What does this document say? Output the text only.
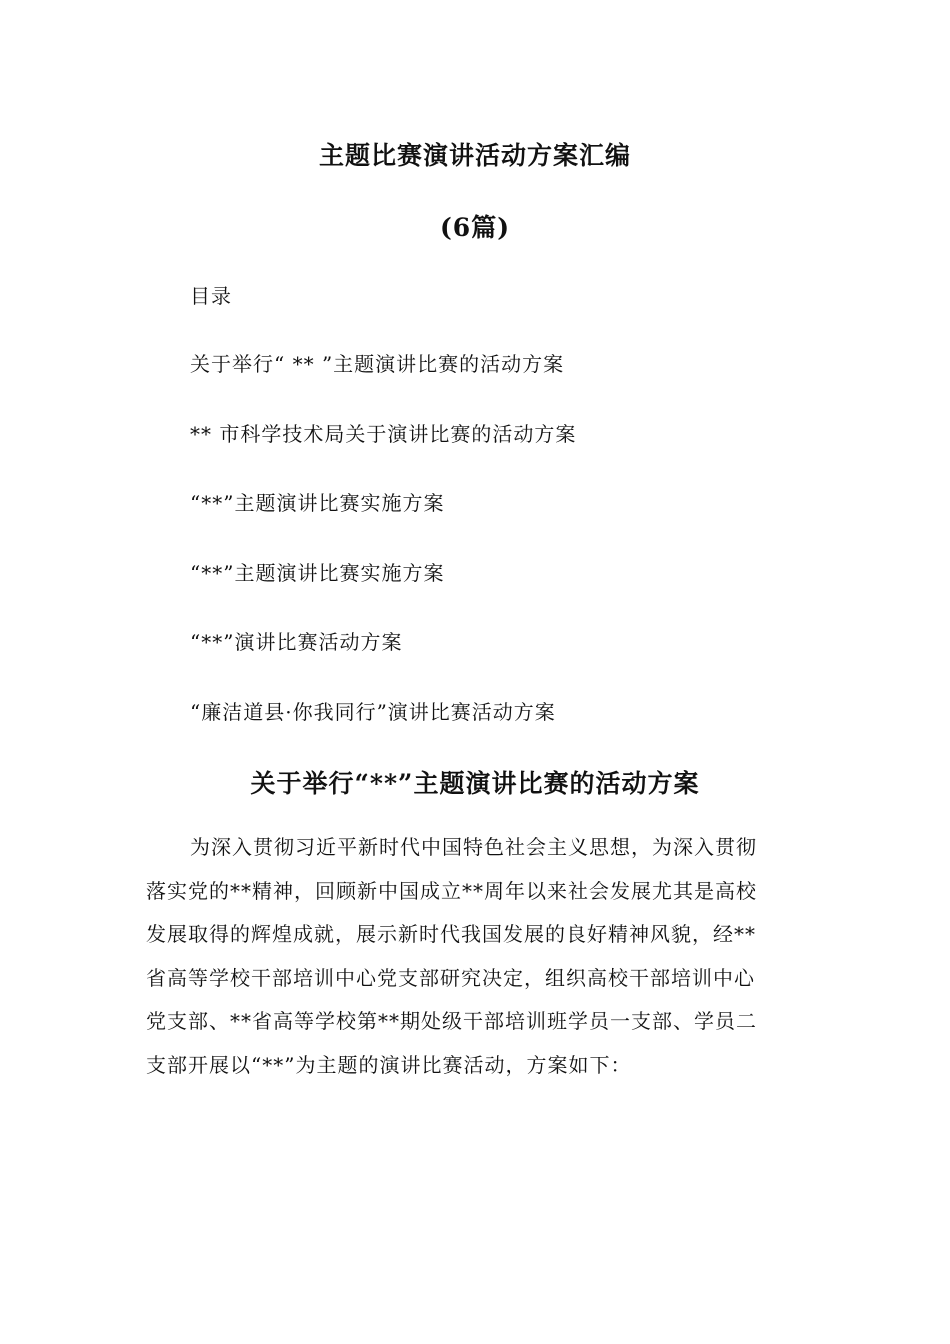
主题比赛演讲活动方案汇编
(6篇)
目录
关于举行“ ** ”主题演讲比赛的活动方案
** 市科学技术局关于演讲比赛的活动方案
“**”主题演讲比赛实施方案
“**”主题演讲比赛实施方案
“**”演讲比赛活动方案
“廉洁道县·你我同行”演讲比赛活动方案
关于举行“**”主题演讲比赛的活动方案
为深入贯彻习近平新时代中国特色社会主义思想，为深入贯彻
落实党的**精神，回顾新中国成立**周年以来社会发展尤其是高校
发展取得的辉煌成就，展示新时代我国发展的良好精神风貌，经**
省高等学校干部培训中心党支部研究决定，组织高校干部培训中心
党支部、**省高等学校第**期处级干部培训班学员一支部、学员二
支部开展以“**”为主题的演讲比赛活动，方案如下：
